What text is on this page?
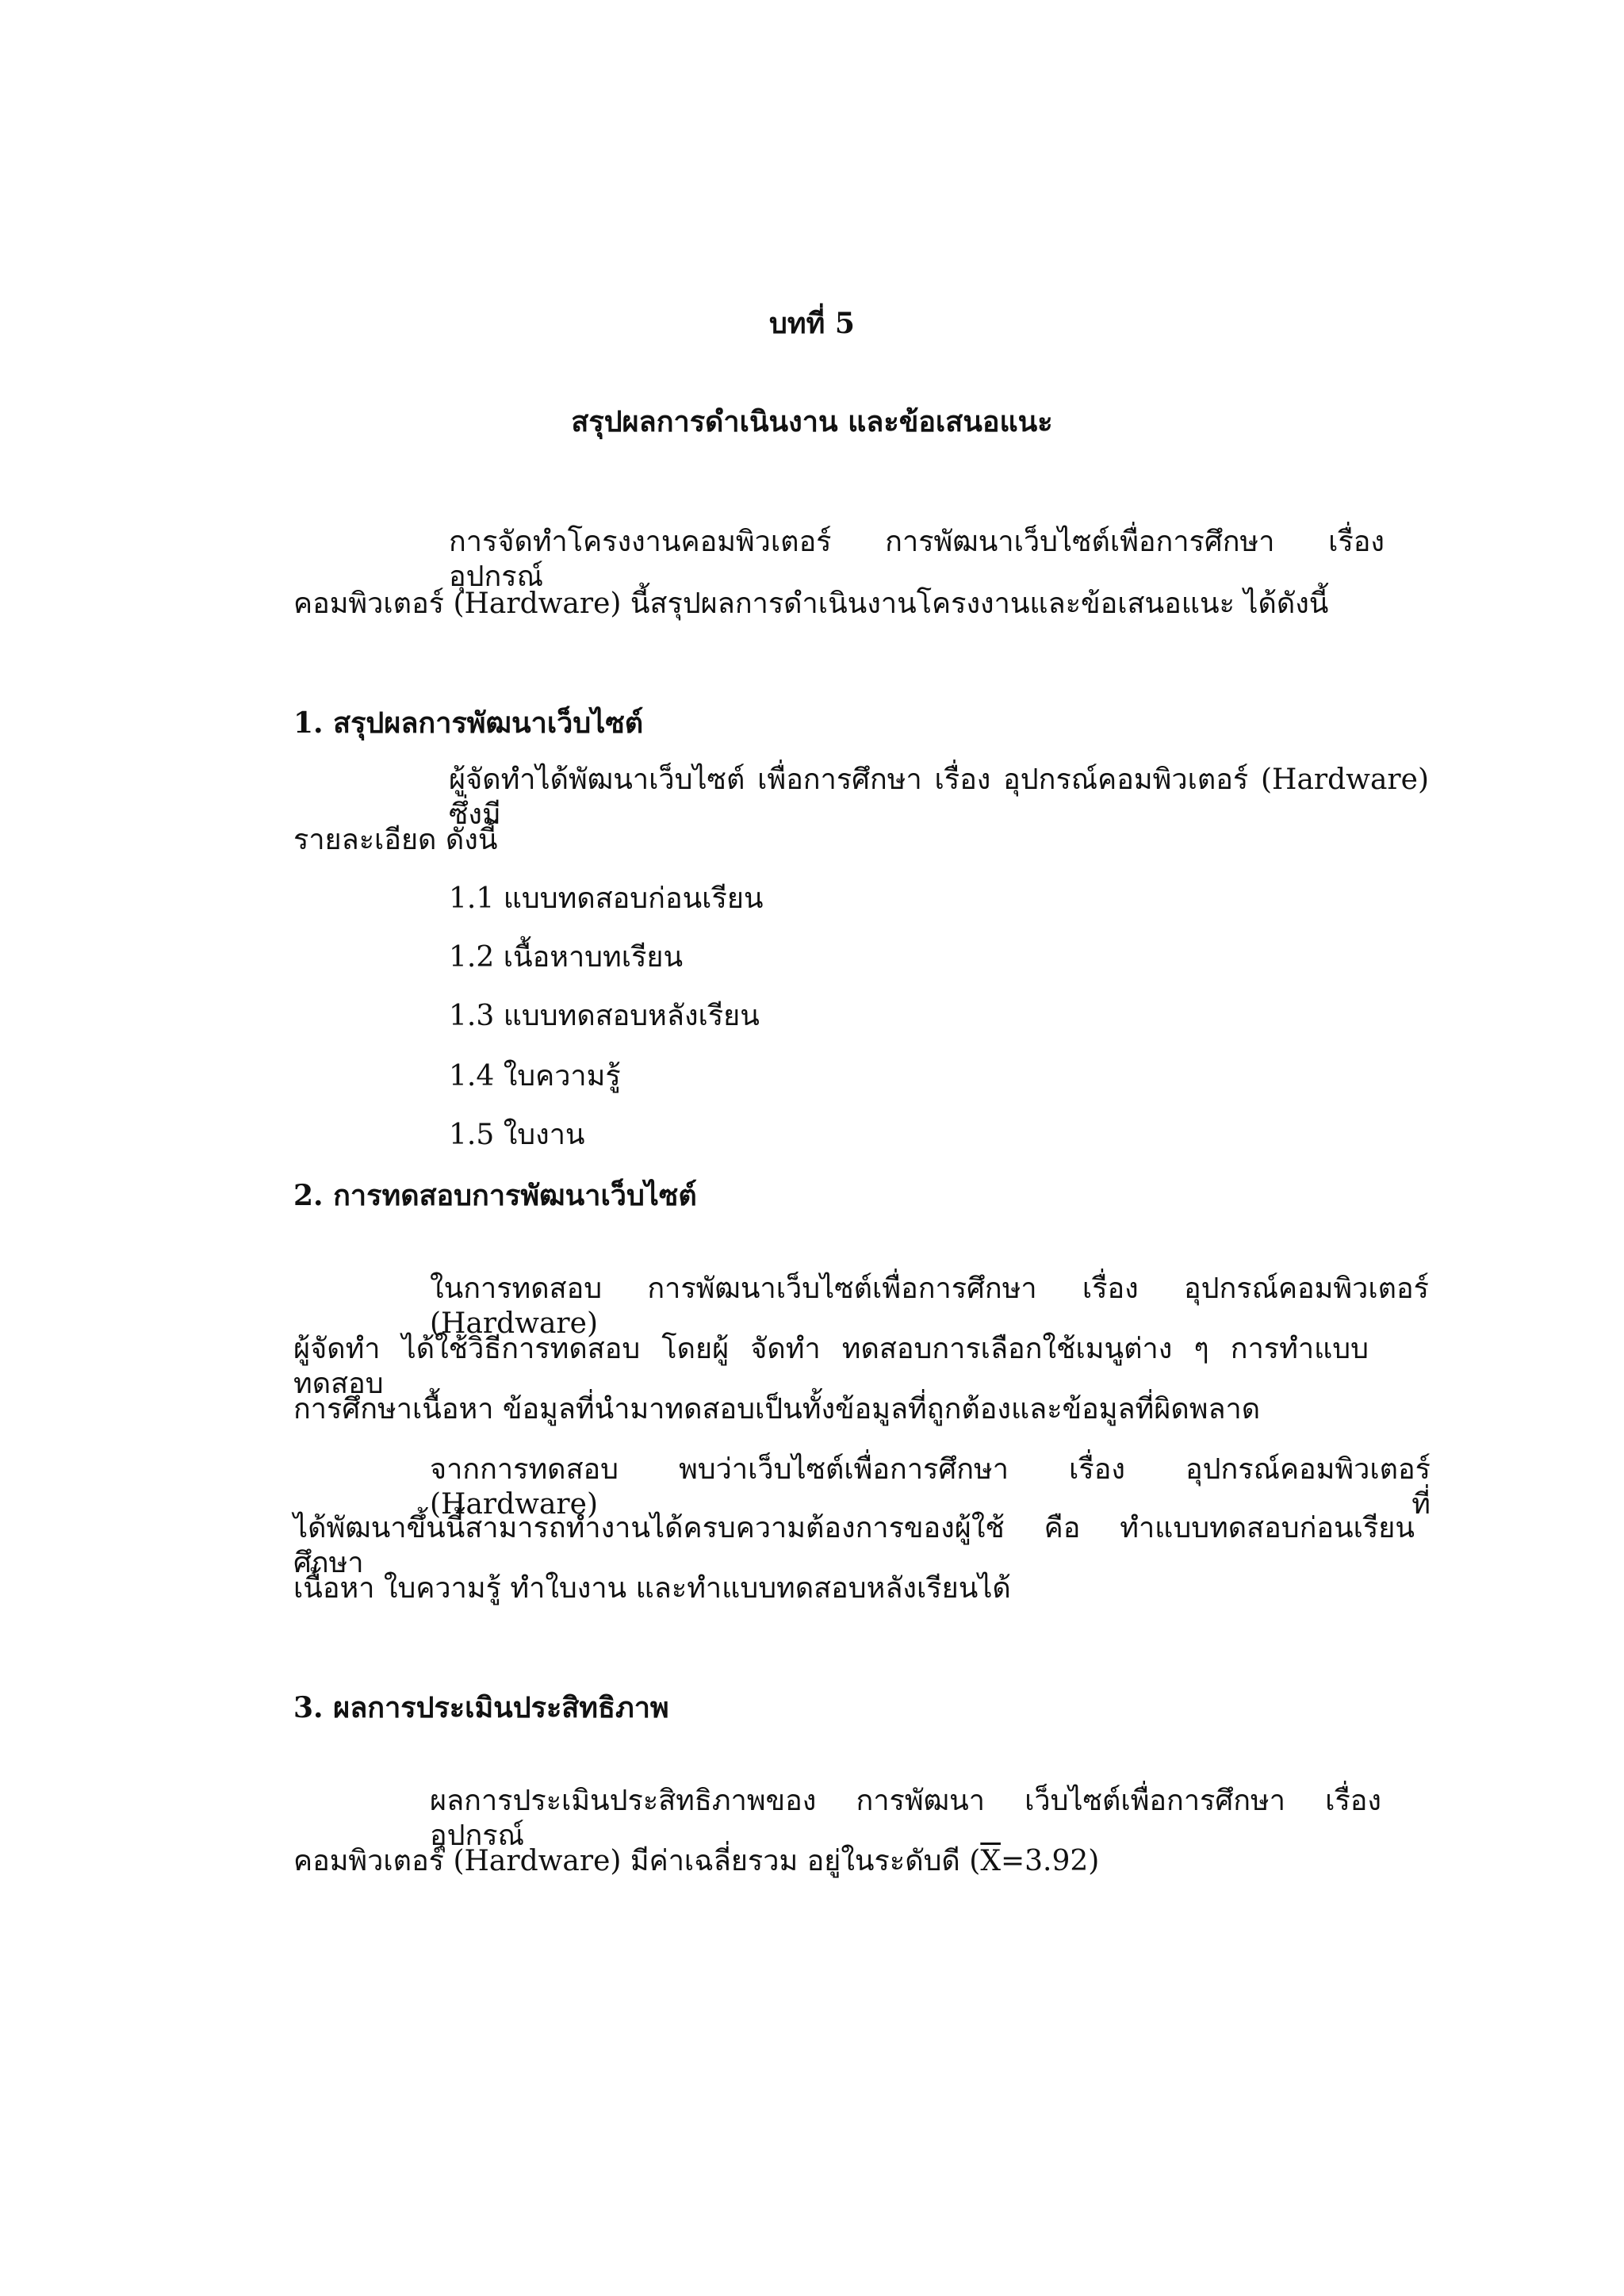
บทที่ 5
สรุปผลการดำเนินงาน และข้อเสนอแนะ
การจัดทำโครงงานคอมพิวเตอร์ การพัฒนาเว็บไซต์เพื่อการศึกษา เรื่อง อุปกรณ์
คอมพิวเตอร์ (Hardware) นี้สรุปผลการดำเนินงานโครงงานและข้อเสนอแนะ ได้ดังนี้
1. สรุปผลการพัฒนาเว็บไซต์
ผู้จัดทำได้พัฒนาเว็บไซต์ เพื่อการศึกษา เรื่อง อุปกรณ์คอมพิวเตอร์ (Hardware) ซึ่งมี
รายละเอียด ดังนี้
1.1 แบบทดสอบก่อนเรียน
1.2 เนื้อหาบทเรียน
1.3 แบบทดสอบหลังเรียน
1.4 ใบความรู้
1.5 ใบงาน
2. การทดสอบการพัฒนาเว็บไซต์
ในการทดสอบ การพัฒนาเว็บไซต์เพื่อการศึกษา เรื่อง อุปกรณ์คอมพิวเตอร์ (Hardware)
ผู้จัดทำ ได้ใช้วิธีการทดสอบ โดยผู้ จัดทำ ทดสอบการเลือกใช้เมนูต่าง ๆ การทำแบบทดสอบ
การศึกษาเนื้อหา ข้อมูลที่นำมาทดสอบเป็นทั้งข้อมูลที่ถูกต้องและข้อมูลที่ผิดพลาด
จากการทดสอบ พบว่าเว็บไซต์เพื่อการศึกษา เรื่อง อุปกรณ์คอมพิวเตอร์ (Hardware) ที่
ได้พัฒนาขึ้นนี้สามารถทำงานได้ครบความต้องการของผู้ใช้ คือ ทำแบบทดสอบก่อนเรียน ศึกษา
เนื้อหา ใบความรู้ ทำใบงาน และทำแบบทดสอบหลังเรียนได้
3. ผลการประเมินประสิทธิภาพ
ผลการประเมินประสิทธิภาพของ การพัฒนา เว็บไซต์เพื่อการศึกษา เรื่อง อุปกรณ์
คอมพิวเตอร์ (Hardware) มีค่าเฉลี่ยรวม อยู่ในระดับดี $(\overline{X}=3.92)$
